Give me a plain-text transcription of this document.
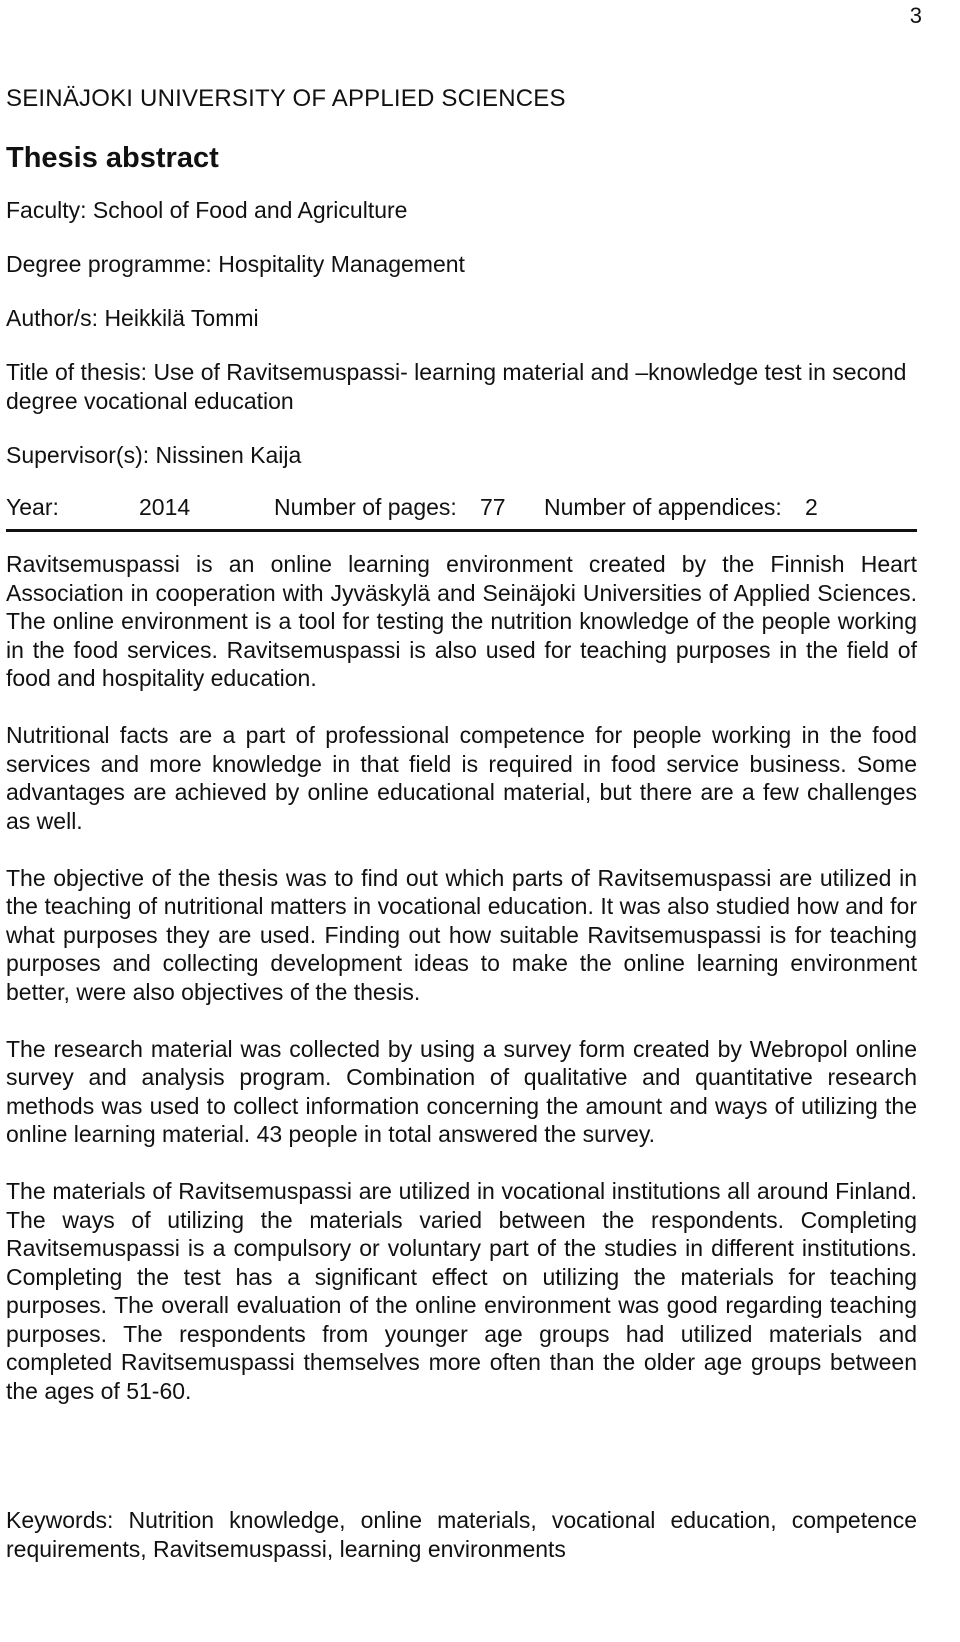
3
SEINÄJOKI UNIVERSITY OF APPLIED SCIENCES
Thesis abstract
Faculty: School of Food and Agriculture
Degree programme: Hospitality Management
Author/s: Heikkilä Tommi
Title of thesis: Use of Ravitsemuspassi- learning material and –knowledge test in second degree vocational education
Supervisor(s): Nissinen Kaija
Year:	2014	Number of pages: 77 Number of appendices: 2

Ravitsemuspassi is an online learning environment created by the Finnish Heart Association in cooperation with Jyväskylä and Seinäjoki Universities of Applied Sciences. The online environment is a tool for testing the nutrition knowledge of the people working in the food services. Ravitsemuspassi is also used for teaching purposes in the field of food and hospitality education.

Nutritional facts are a part of professional competence for people working in the food services and more knowledge in that field is required in food service business. Some advantages are achieved by online educational material, but there are a few challenges as well.

The objective of the thesis was to find out which parts of Ravitsemuspassi are utilized in the teaching of nutritional matters in vocational education. It was also studied how and for what purposes they are used. Finding out how suitable Ravitsemuspassi is for teaching purposes and collecting development ideas to make the online learning environment better, were also objectives of the thesis.

The research material was collected by using a survey form created by Webropol online survey and analysis program. Combination of qualitative and quantitative research methods was used to collect information concerning the amount and ways of utilizing the online learning material. 43 people in total answered the survey.

The materials of Ravitsemuspassi are utilized in vocational institutions all around Finland. The ways of utilizing the materials varied between the respondents. Completing Ravitsemuspassi is a compulsory or voluntary part of the studies in different institutions. Completing the test has a significant effect on utilizing the materials for teaching purposes. The overall evaluation of the online environment was good regarding teaching purposes. The respondents from younger age groups had utilized materials and completed Ravitsemuspassi themselves more often than the older age groups between the ages of 51-60.

Keywords: Nutrition knowledge, online materials, vocational education, competence requirements, Ravitsemuspassi, learning environments
